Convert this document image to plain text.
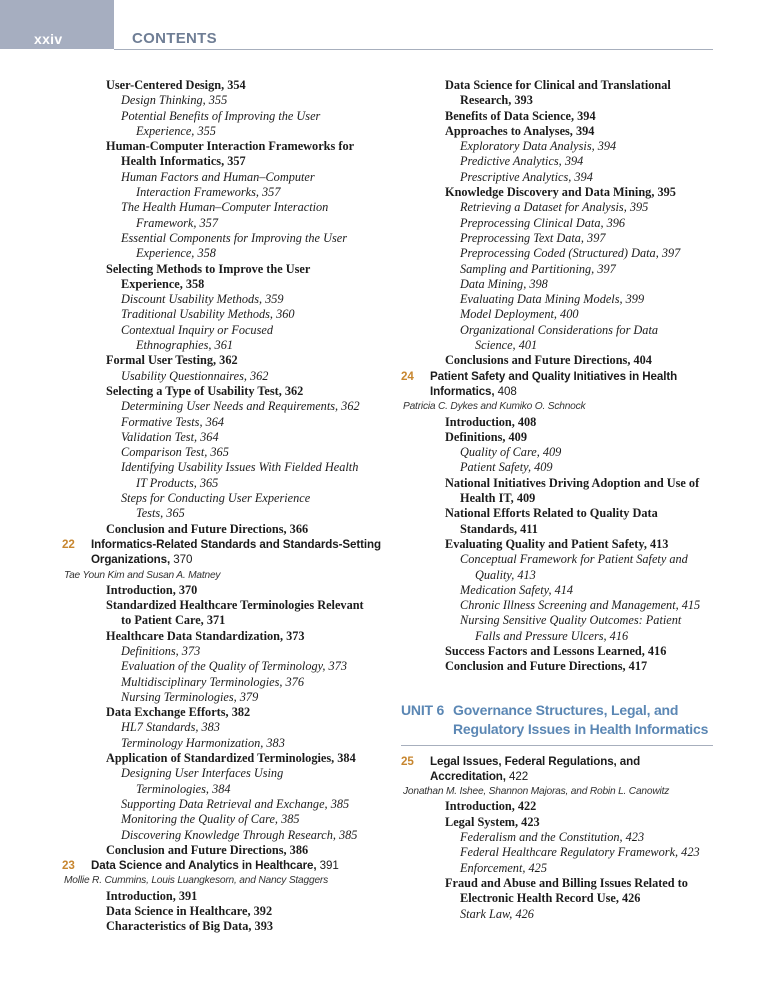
xxiv	CONTENTS
User-Centered Design, 354
Design Thinking, 355
Potential Benefits of Improving the User
Experience, 355
Human-Computer Interaction Frameworks for
Health Informatics, 357
Human Factors and Human–Computer
Interaction Frameworks, 357
The Health Human–Computer Interaction
Framework, 357
Essential Components for Improving the User
Experience, 358
Selecting Methods to Improve the User
Experience, 358
Discount Usability Methods, 359
Traditional Usability Methods, 360
Contextual Inquiry or Focused
Ethnographies, 361
Formal User Testing, 362
Usability Questionnaires, 362
Selecting a Type of Usability Test, 362
Determining User Needs and Requirements, 362
Formative Tests, 364
Validation Test, 364
Comparison Test, 365
Identifying Usability Issues With Fielded Health
IT Products, 365
Steps for Conducting User Experience
Tests, 365
Conclusion and Future Directions, 366
22 Informatics-Related Standards and Standards-Setting
Organizations, 370
Tae Youn Kim and Susan A. Matney
Introduction, 370
Standardized Healthcare Terminologies Relevant
to Patient Care, 371
Healthcare Data Standardization, 373
Definitions, 373
Evaluation of the Quality of Terminology, 373
Multidisciplinary Terminologies, 376
Nursing Terminologies, 379
Data Exchange Efforts, 382
HL7 Standards, 383
Terminology Harmonization, 383
Application of Standardized Terminologies, 384
Designing User Interfaces Using
Terminologies, 384
Supporting Data Retrieval and Exchange, 385
Monitoring the Quality of Care, 385
Discovering Knowledge Through Research, 385
Conclusion and Future Directions, 386
23 Data Science and Analytics in Healthcare, 391
Mollie R. Cummins, Louis Luangkesorn, and Nancy Staggers
Introduction, 391
Data Science in Healthcare, 392
Characteristics of Big Data, 393
Data Science for Clinical and Translational
Research, 393
Benefits of Data Science, 394
Approaches to Analyses, 394
Exploratory Data Analysis, 394
Predictive Analytics, 394
Prescriptive Analytics, 394
Knowledge Discovery and Data Mining, 395
Retrieving a Dataset for Analysis, 395
Preprocessing Clinical Data, 396
Preprocessing Text Data, 397
Preprocessing Coded (Structured) Data, 397
Sampling and Partitioning, 397
Data Mining, 398
Evaluating Data Mining Models, 399
Model Deployment, 400
Organizational Considerations for Data
Science, 401
Conclusions and Future Directions, 404
24 Patient Safety and Quality Initiatives in Health
Informatics, 408
Patricia C. Dykes and Kumiko O. Schnock
Introduction, 408
Definitions, 409
Quality of Care, 409
Patient Safety, 409
National Initiatives Driving Adoption and Use of
Health IT, 409
National Efforts Related to Quality Data
Standards, 411
Evaluating Quality and Patient Safety, 413
Conceptual Framework for Patient Safety and
Quality, 413
Medication Safety, 414
Chronic Illness Screening and Management, 415
Nursing Sensitive Quality Outcomes: Patient
Falls and Pressure Ulcers, 416
Success Factors and Lessons Learned, 416
Conclusion and Future Directions, 417
UNIT 6 Governance Structures, Legal, and
Regulatory Issues in Health Informatics
25 Legal Issues, Federal Regulations, and
Accreditation, 422
Jonathan M. Ishee, Shannon Majoras, and Robin L. Canowitz
Introduction, 422
Legal System, 423
Federalism and the Constitution, 423
Federal Healthcare Regulatory Framework, 423
Enforcement, 425
Fraud and Abuse and Billing Issues Related to
Electronic Health Record Use, 426
Stark Law, 426
